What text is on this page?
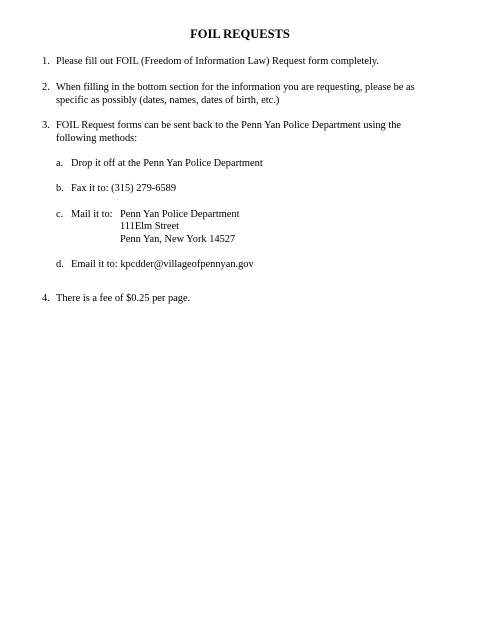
FOIL REQUESTS
1. Please fill out FOIL (Freedom of Information Law) Request form completely.
2. When filling in the bottom section for the information you are requesting, please be as
specific as possibly (dates, names, dates of birth, etc.)
3. FOIL Request forms can be sent back to the Penn Yan Police Department using the
following methods:
a. Drop it off at the Penn Yan Police Department
b. Fax it to: (315) 279-6589
c. Mail it to: Penn Yan Police Department
111Elm Street
Penn Yan, New York 14527
d. Email it to: kpcdder@villageofpennyan.gov
4. There is a fee of $0.25 per page.
